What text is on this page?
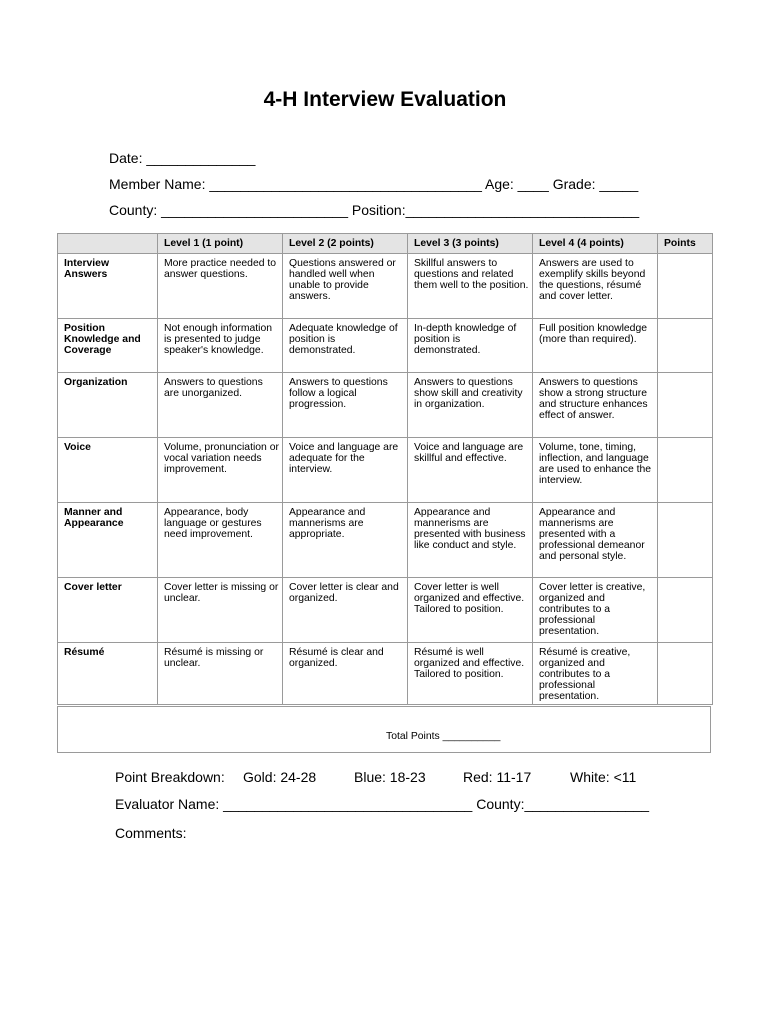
4-H Interview Evaluation
Date: ______________
Member Name: ___________________________________ Age: ____ Grade: _____
County: ________________________ Position:______________________________
	Level 1 (1 point)	Level 2 (2 points)	Level 3 (3 points)	Level 4 (4 points)	Points
Interview Answers	More practice needed to answer questions.	Questions answered or handled well when unable to provide answers.	Skillful answers to questions and related them well to the position.	Answers are used to exemplify skills beyond the questions, résumé and cover letter.	
Position Knowledge and Coverage	Not enough information is presented to judge speaker's knowledge.	Adequate knowledge of position is demonstrated.	In-depth knowledge of position is demonstrated.	Full position knowledge (more than required).	
Organization	Answers to questions are unorganized.	Answers to questions follow a logical progression.	Answers to questions show skill and creativity in organization.	Answers to questions show a strong structure and structure enhances effect of answer.	
Voice	Volume, pronunciation or vocal variation needs improvement.	Voice and language are adequate for the interview.	Voice and language are skillful and effective.	Volume, tone, timing, inflection, and language are used to enhance the interview.	
Manner and Appearance	Appearance, body language or gestures need improvement.	Appearance and mannerisms are appropriate.	Appearance and mannerisms are presented with business like conduct and style.	Appearance and mannerisms are presented with a professional demeanor and personal style.	
Cover letter	Cover letter is missing or unclear.	Cover letter is clear and organized.	Cover letter is well organized and effective. Tailored to position.	Cover letter is creative, organized and contributes to a professional presentation.	
Résumé	Résumé is missing or unclear.	Résumé is clear and organized.	Résumé is well organized and effective. Tailored to position.	Résumé is creative, organized and contributes to a professional presentation.	
Total Points __________
Point Breakdown: Gold: 24-28	Blue: 18-23	Red: 11-17	White: <11
Evaluator Name: ________________________________ County:________________
Comments:
